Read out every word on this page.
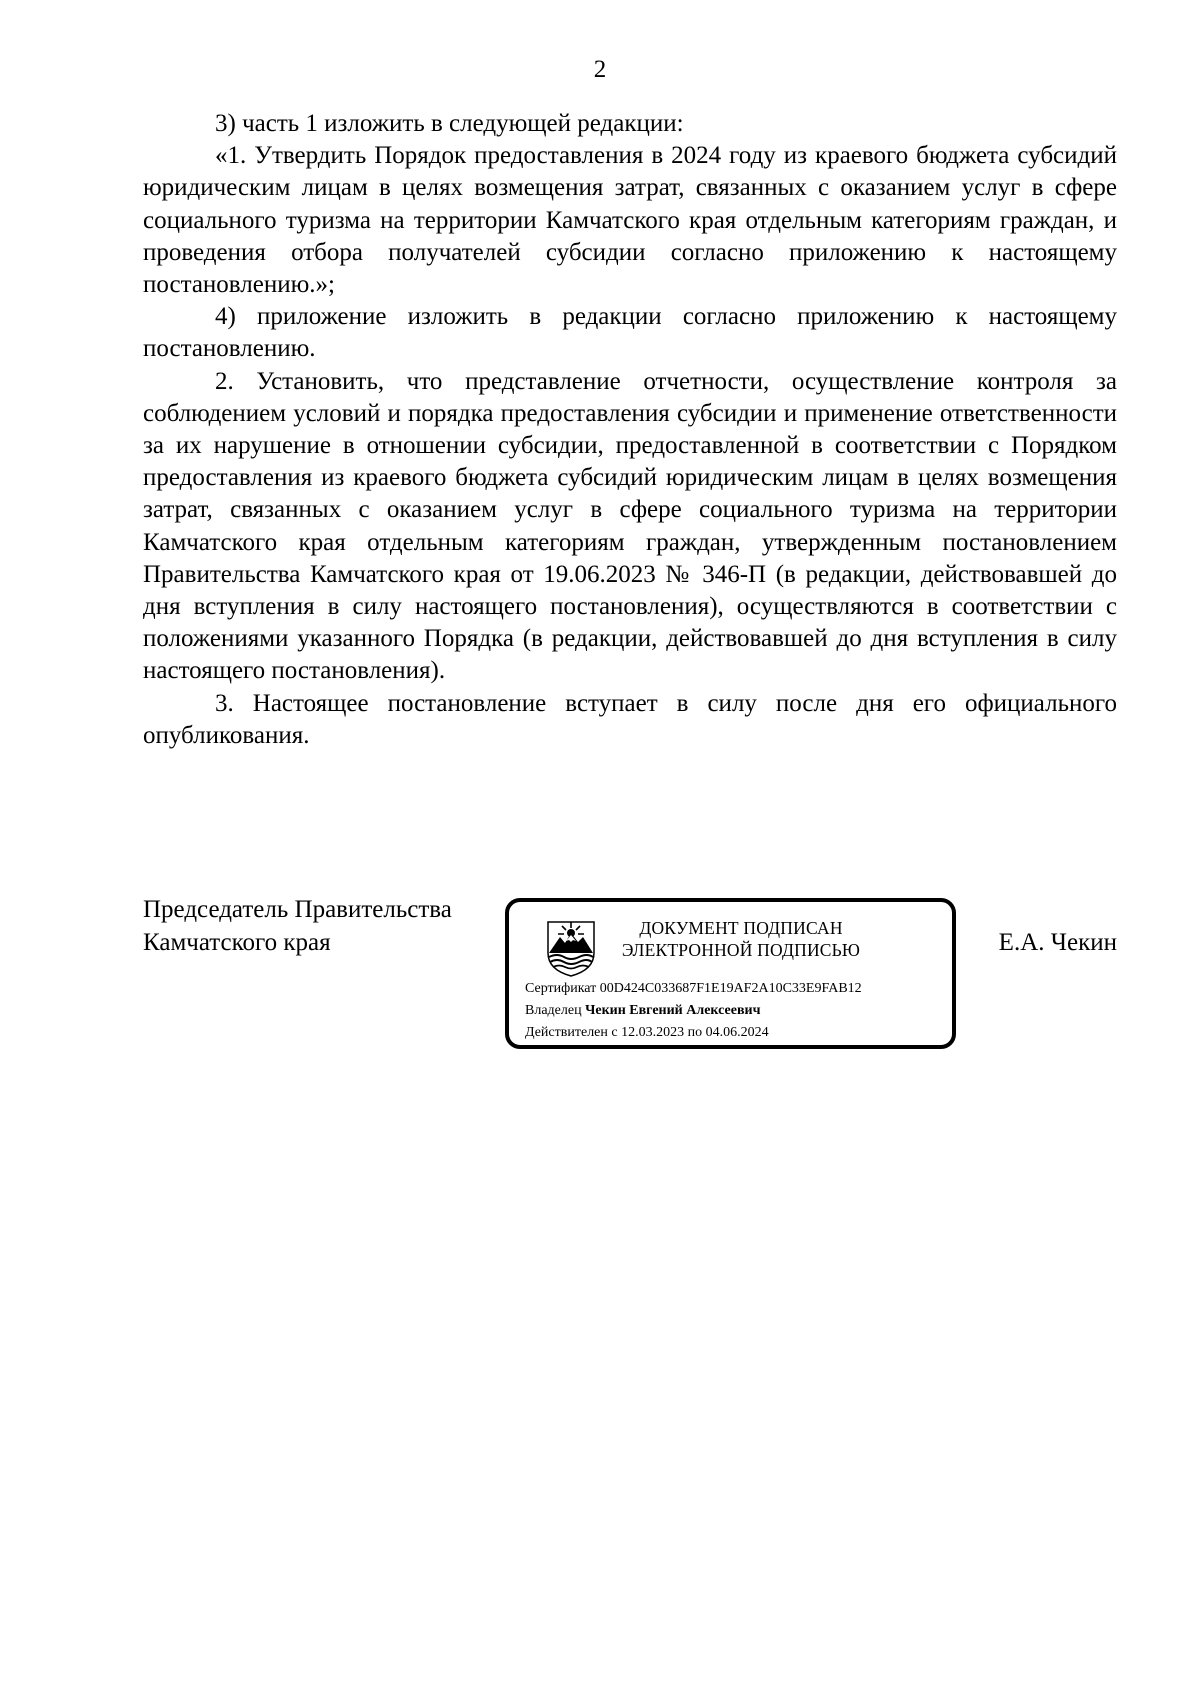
2

3) часть 1 изложить в следующей редакции:

«1. Утвердить Порядок предоставления в 2024 году из краевого бюджета субсидий юридическим лицам в целях возмещения затрат, связанных с оказанием услуг в сфере социального туризма на территории Камчатского края отдельным категориям граждан, и проведения отбора получателей субсидии согласно приложению к настоящему постановлению.»;

4) приложение изложить в редакции согласно приложению к настоящему постановлению.

2. Установить, что представление отчетности, осуществление контроля за соблюдением условий и порядка предоставления субсидии и применение ответственности за их нарушение в отношении субсидии, предоставленной в соответствии с Порядком предоставления из краевого бюджета субсидий юридическим лицам в целях возмещения затрат, связанных с оказанием услуг в сфере социального туризма на территории Камчатского края отдельным категориям граждан, утвержденным постановлением Правительства Камчатского края от 19.06.2023 № 346-П (в редакции, действовавшей до дня вступления в силу настоящего постановления), осуществляются в соответствии с положениями указанного Порядка (в редакции, действовавшей до дня вступления в силу настоящего постановления).

3. Настоящее постановление вступает в силу после дня его официального опубликования.

Председатель Правительства
Камчатского края
ДОКУМЕНТ ПОДПИСАН
ЭЛЕКТРОННОЙ ПОДПИСЬЮ
Сертификат 00D424C033687F1E19AF2A10C33E9FAB12
Владелец Чекин Евгений Алексеевич
Действителен с 12.03.2023 по 04.06.2024
Е.А. Чекин
